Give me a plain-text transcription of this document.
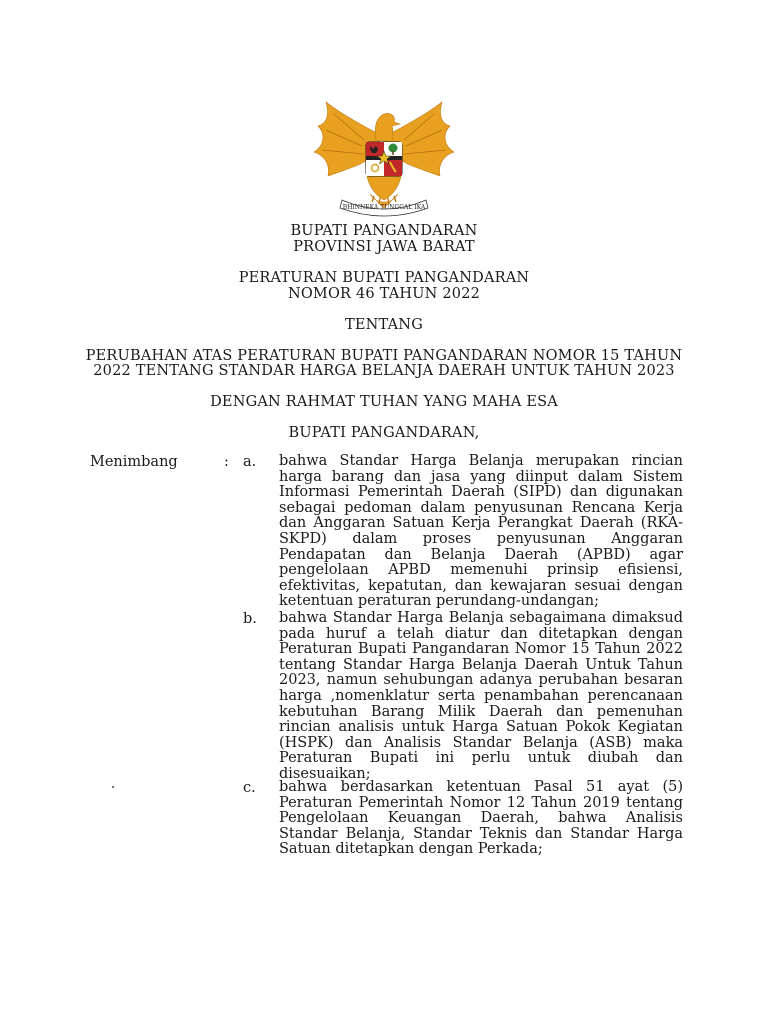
BHINNEKA TUNGGAL IKA
BUPATI PANGANDARAN
PROVINSI JAWA BARAT
PERATURAN BUPATI PANGANDARAN
NOMOR 46 TAHUN 2022
TENTANG
PERUBAHAN ATAS PERATURAN BUPATI PANGANDARAN NOMOR 15 TAHUN
2022 TENTANG STANDAR HARGA BELANJA DAERAH UNTUK TAHUN 2023
DENGAN RAHMAT TUHAN YANG MAHA ESA
BUPATI PANGANDARAN,
Menimbang	: a. bahwa Standar Harga Belanja merupakan rincian
harga barang dan jasa yang diinput dalam Sistem
Informasi Pemerintah Daerah (SIPD) dan digunakan
sebagai pedoman dalam penyusunan Rencana Kerja
dan Anggaran Satuan Kerja Perangkat Daerah (RKA-
SKPD) dalam proses penyusunan Anggaran
Pendapatan dan Belanja Daerah (APBD) agar
pengelolaan APBD memenuhi prinsip efisiensi,
efektivitas, kepatutan, dan kewajaran sesuai dengan
ketentuan peraturan perundang-undangan;
b. bahwa Standar Harga Belanja sebagaimana dimaksud
pada huruf a telah diatur dan ditetapkan dengan
Peraturan Bupati Pangandaran Nomor 15 Tahun 2022
tentang Standar Harga Belanja Daerah Untuk Tahun
2023, namun sehubungan adanya perubahan besaran
harga ,nomenklatur serta penambahan perencanaan
kebutuhan Barang Milik Daerah dan pemenuhan
rincian analisis untuk Harga Satuan Pokok Kegiatan
(HSPK) dan Analisis Standar Belanja (ASB) maka
Peraturan Bupati ini perlu untuk diubah dan
disesuaikan;
c. bahwa berdasarkan ketentuan Pasal 51 ayat (5)
Peraturan Pemerintah Nomor 12 Tahun 2019 tentang
Pengelolaan Keuangan Daerah, bahwa Analisis
Standar Belanja, Standar Teknis dan Standar Harga
Satuan ditetapkan dengan Perkada;
